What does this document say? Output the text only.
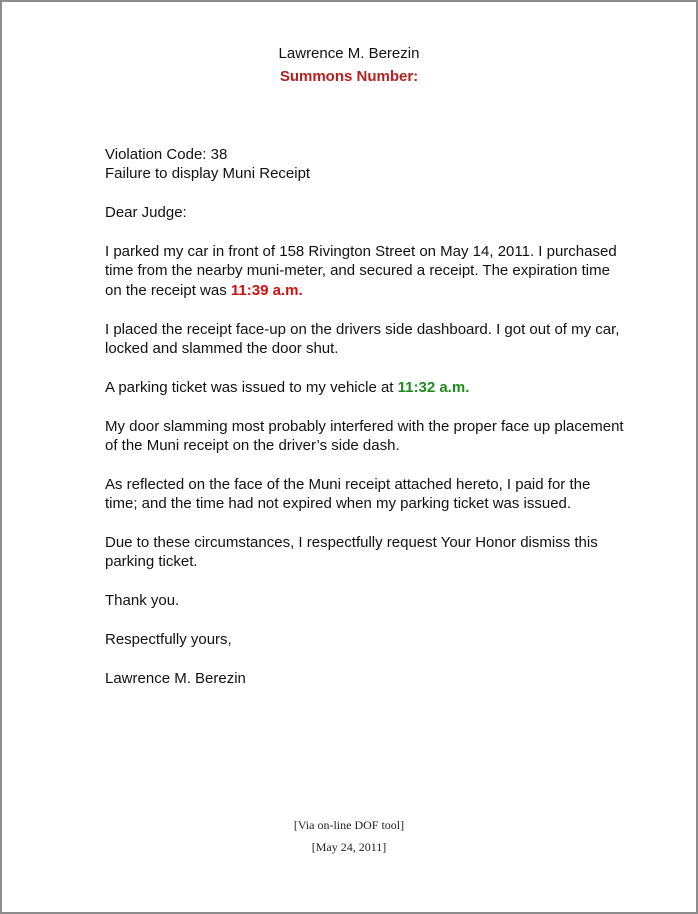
Lawrence M. Berezin
Summons Number:

Violation Code: 38
Failure to display Muni Receipt

Dear Judge:

I parked my car in front of 158 Rivington Street on May 14, 2011. I purchased time from the nearby muni-meter, and secured a receipt. The expiration time on the receipt was 11:39 a.m.

I placed the receipt face-up on the drivers side dashboard. I got out of my car, locked and slammed the door shut.

A parking ticket was issued to my vehicle at 11:32 a.m.

My door slamming most probably interfered with the proper face up placement of the Muni receipt on the driver’s side dash.

As reflected on the face of the Muni receipt attached hereto, I paid for the time; and the time had not expired when my parking ticket was issued.

Due to these circumstances, I respectfully request Your Honor dismiss this parking ticket.

Thank you.

Respectfully yours,

Lawrence M. Berezin

[Via on-line DOF tool]
[May 24, 2011]
